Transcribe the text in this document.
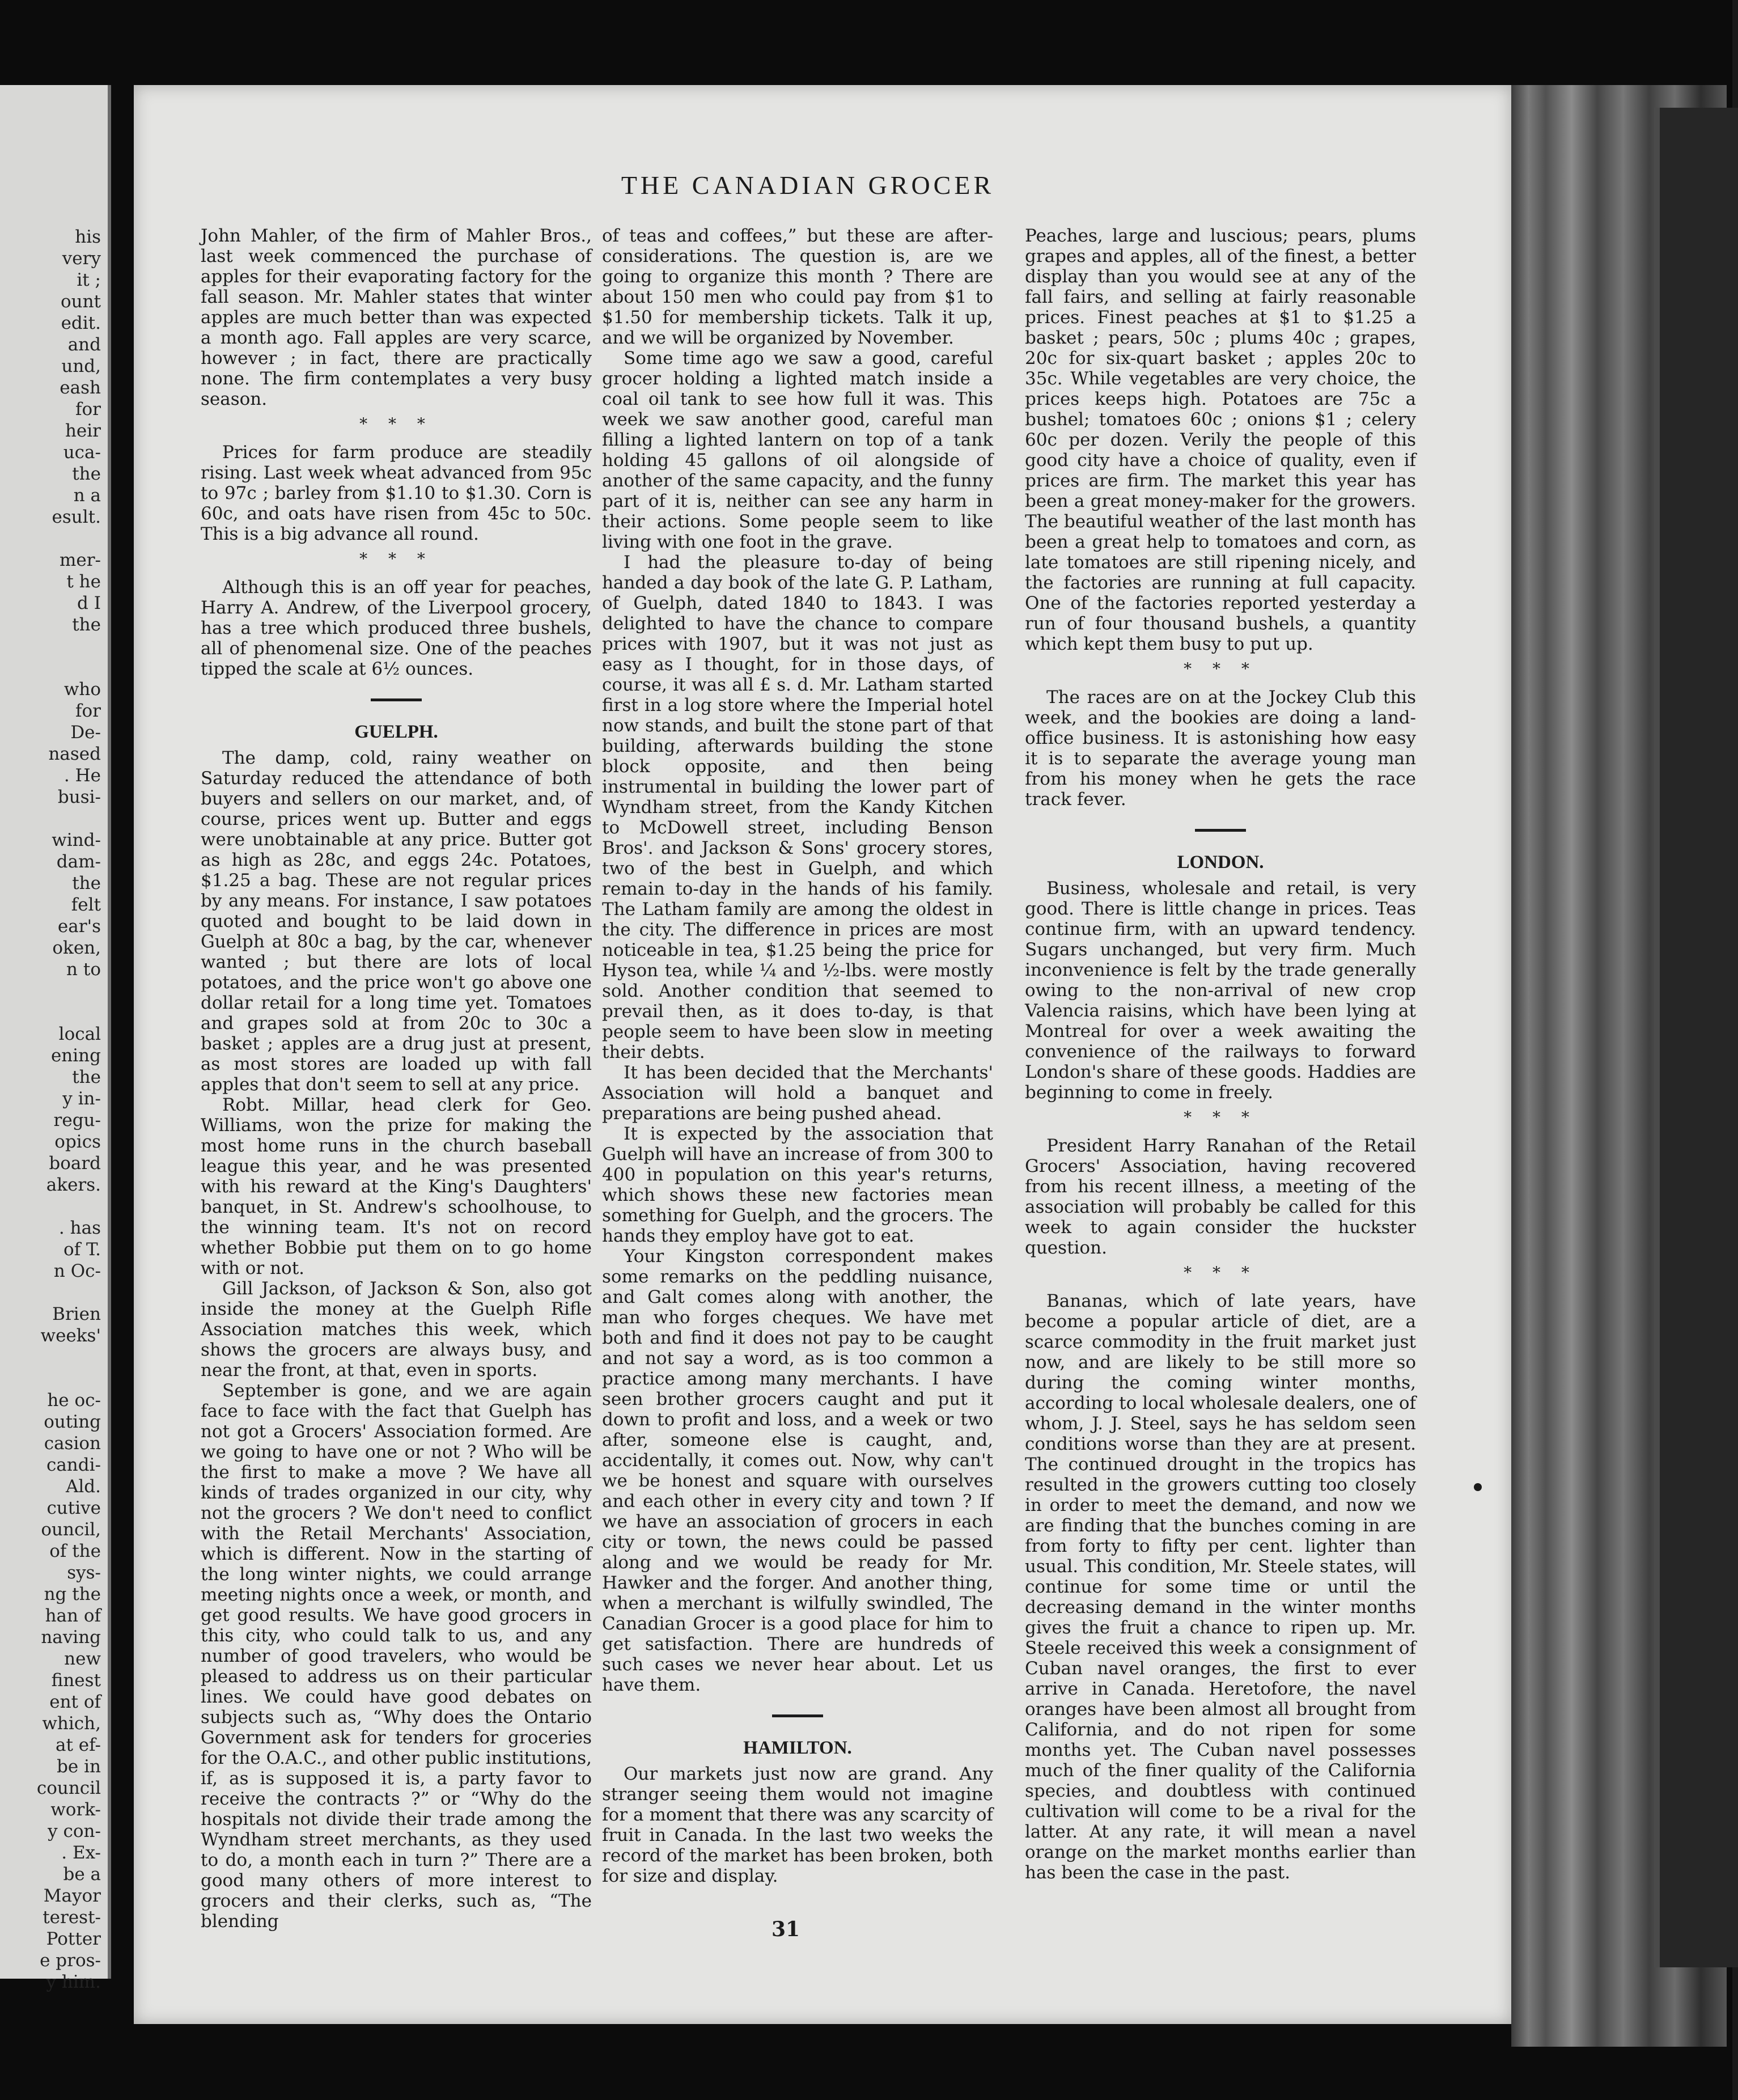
his
very
it ;
ount
edit.
and
und,
eash
for
heir
uca-
the
n a
esult.
mer-
t he
d I
the
who
for
De-
nased
. He
busi-
wind-
dam-
the
felt
ear's
oken,
n to
local
ening
the
y in-
regu-
opics
board
akers.
. has
of T.
n Oc-
Brien
weeks'
he oc-
outing
casion
candi-
Ald.
cutive
ouncil,
of the
sys-
ng the
han of
naving
new
finest
ent of
which,
at ef-
be in
council
work-
y con-
. Ex-
be a
Mayor
terest-
Potter
e pros-
y him.
THE CANADIAN GROCER

John Mahler, of the firm of Mahler Bros., last week commenced the purchase of apples for their evaporating factory for the fall season. Mr. Mahler states that winter apples are much better than was expected a month ago. Fall apples are very scarce, however ; in fact, there are practically none. The firm contemplates a very busy season.

* * *

Prices for farm produce are steadily rising. Last week wheat advanced from 95c to 97c ; barley from $1.10 to $1.30. Corn is 60c, and oats have risen from 45c to 50c. This is a big advance all round.

* * *

Although this is an off year for peaches, Harry A. Andrew, of the Liverpool grocery, has a tree which produced three bushels, all of phenomenal size. One of the peaches tipped the scale at 6½ ounces.

GUELPH.

The damp, cold, rainy weather on Saturday reduced the attendance of both buyers and sellers on our market, and, of course, prices went up. Butter and eggs were unobtainable at any price. Butter got as high as 28c, and eggs 24c. Potatoes, $1.25 a bag. These are not regular prices by any means. For instance, I saw potatoes quoted and bought to be laid down in Guelph at 80c a bag, by the car, whenever wanted ; but there are lots of local potatoes, and the price won't go above one dollar retail for a long time yet. Tomatoes and grapes sold at from 20c to 30c a basket ; apples are a drug just at present, as most stores are loaded up with fall apples that don't seem to sell at any price.

Robt. Millar, head clerk for Geo. Williams, won the prize for making the most home runs in the church baseball league this year, and he was presented with his reward at the King's Daughters' banquet, in St. Andrew's schoolhouse, to the winning team. It's not on record whether Bobbie put them on to go home with or not.

Gill Jackson, of Jackson & Son, also got inside the money at the Guelph Rifle Association matches this week, which shows the grocers are always busy, and near the front, at that, even in sports.

September is gone, and we are again face to face with the fact that Guelph has not got a Grocers' Association formed. Are we going to have one or not ? Who will be the first to make a move ? We have all kinds of trades organized in our city, why not the grocers ? We don't need to conflict with the Retail Merchants' Association, which is different. Now in the starting of the long winter nights, we could arrange meeting nights once a week, or month, and get good results. We have good grocers in this city, who could talk to us, and any number of good travelers, who would be pleased to address us on their particular lines. We could have good debates on subjects such as, “Why does the Ontario Government ask for tenders for groceries for the O.A.C., and other public institutions, if, as is supposed it is, a party favor to receive the contracts ?” or “Why do the hospitals not divide their trade among the Wyndham street merchants, as they used to do, a month each in turn ?” There are a good many others of more interest to grocers and their clerks, such as, “The blending

of teas and coffees,” but these are after-considerations. The question is, are we going to organize this month ? There are about 150 men who could pay from $1 to $1.50 for membership tickets. Talk it up, and we will be organized by November.

Some time ago we saw a good, careful grocer holding a lighted match inside a coal oil tank to see how full it was. This week we saw another good, careful man filling a lighted lantern on top of a tank holding 45 gallons of oil alongside of another of the same capacity, and the funny part of it is, neither can see any harm in their actions. Some people seem to like living with one foot in the grave.

I had the pleasure to-day of being handed a day book of the late G. P. Latham, of Guelph, dated 1840 to 1843. I was delighted to have the chance to compare prices with 1907, but it was not just as easy as I thought, for in those days, of course, it was all £ s. d. Mr. Latham started first in a log store where the Imperial hotel now stands, and built the stone part of that building, afterwards building the stone block opposite, and then being instrumental in building the lower part of Wyndham street, from the Kandy Kitchen to McDowell street, including Benson Bros'. and Jackson & Sons' grocery stores, two of the best in Guelph, and which remain to-day in the hands of his family. The Latham family are among the oldest in the city. The difference in prices are most noticeable in tea, $1.25 being the price for Hyson tea, while ¼ and ½-lbs. were mostly sold. Another condition that seemed to prevail then, as it does to-day, is that people seem to have been slow in meeting their debts.

It has been decided that the Merchants' Association will hold a banquet and preparations are being pushed ahead.

It is expected by the association that Guelph will have an increase of from 300 to 400 in population on this year's returns, which shows these new factories mean something for Guelph, and the grocers. The hands they employ have got to eat.

Your Kingston correspondent makes some remarks on the peddling nuisance, and Galt comes along with another, the man who forges cheques. We have met both and find it does not pay to be caught and not say a word, as is too common a practice among many merchants. I have seen brother grocers caught and put it down to profit and loss, and a week or two after, someone else is caught, and, accidentally, it comes out. Now, why can't we be honest and square with ourselves and each other in every city and town ? If we have an association of grocers in each city or town, the news could be passed along and we would be ready for Mr. Hawker and the forger. And another thing, when a merchant is wilfully swindled, The Canadian Grocer is a good place for him to get satisfaction. There are hundreds of such cases we never hear about. Let us have them.

HAMILTON.

Our markets just now are grand. Any stranger seeing them would not imagine for a moment that there was any scarcity of fruit in Canada. In the last two weeks the record of the market has been broken, both for size and display.

Peaches, large and luscious; pears, plums grapes and apples, all of the finest, a better display than you would see at any of the fall fairs, and selling at fairly reasonable prices. Finest peaches at $1 to $1.25 a basket ; pears, 50c ; plums 40c ; grapes, 20c for six-quart basket ; apples 20c to 35c. While vegetables are very choice, the prices keeps high. Potatoes are 75c a bushel; tomatoes 60c ; onions $1 ; celery 60c per dozen. Verily the people of this good city have a choice of quality, even if prices are firm. The market this year has been a great money-maker for the growers. The beautiful weather of the last month has been a great help to tomatoes and corn, as late tomatoes are still ripening nicely, and the factories are running at full capacity. One of the factories reported yesterday a run of four thousand bushels, a quantity which kept them busy to put up.

* * *

The races are on at the Jockey Club this week, and the bookies are doing a land-office business. It is astonishing how easy it is to separate the average young man from his money when he gets the race track fever.

LONDON.

Business, wholesale and retail, is very good. There is little change in prices. Teas continue firm, with an upward tendency. Sugars unchanged, but very firm. Much inconvenience is felt by the trade generally owing to the non-arrival of new crop Valencia raisins, which have been lying at Montreal for over a week awaiting the convenience of the railways to forward London's share of these goods. Haddies are beginning to come in freely.

* * *

President Harry Ranahan of the Retail Grocers' Association, having recovered from his recent illness, a meeting of the association will probably be called for this week to again consider the huckster question.

* * *

Bananas, which of late years, have become a popular article of diet, are a scarce commodity in the fruit market just now, and are likely to be still more so during the coming winter months, according to local wholesale dealers, one of whom, J. J. Steel, says he has seldom seen conditions worse than they are at present. The continued drought in the tropics has resulted in the growers cutting too closely in order to meet the demand, and now we are finding that the bunches coming in are from forty to fifty per cent. lighter than usual. This condition, Mr. Steele states, will continue for some time or until the decreasing demand in the winter months gives the fruit a chance to ripen up. Mr. Steele received this week a consignment of Cuban navel oranges, the first to ever arrive in Canada. Heretofore, the navel oranges have been almost all brought from California, and do not ripen for some months yet. The Cuban navel possesses much of the finer quality of the California species, and doubtless with continued cultivation will come to be a rival for the latter. At any rate, it will mean a navel orange on the market months earlier than has been the case in the past.

31
